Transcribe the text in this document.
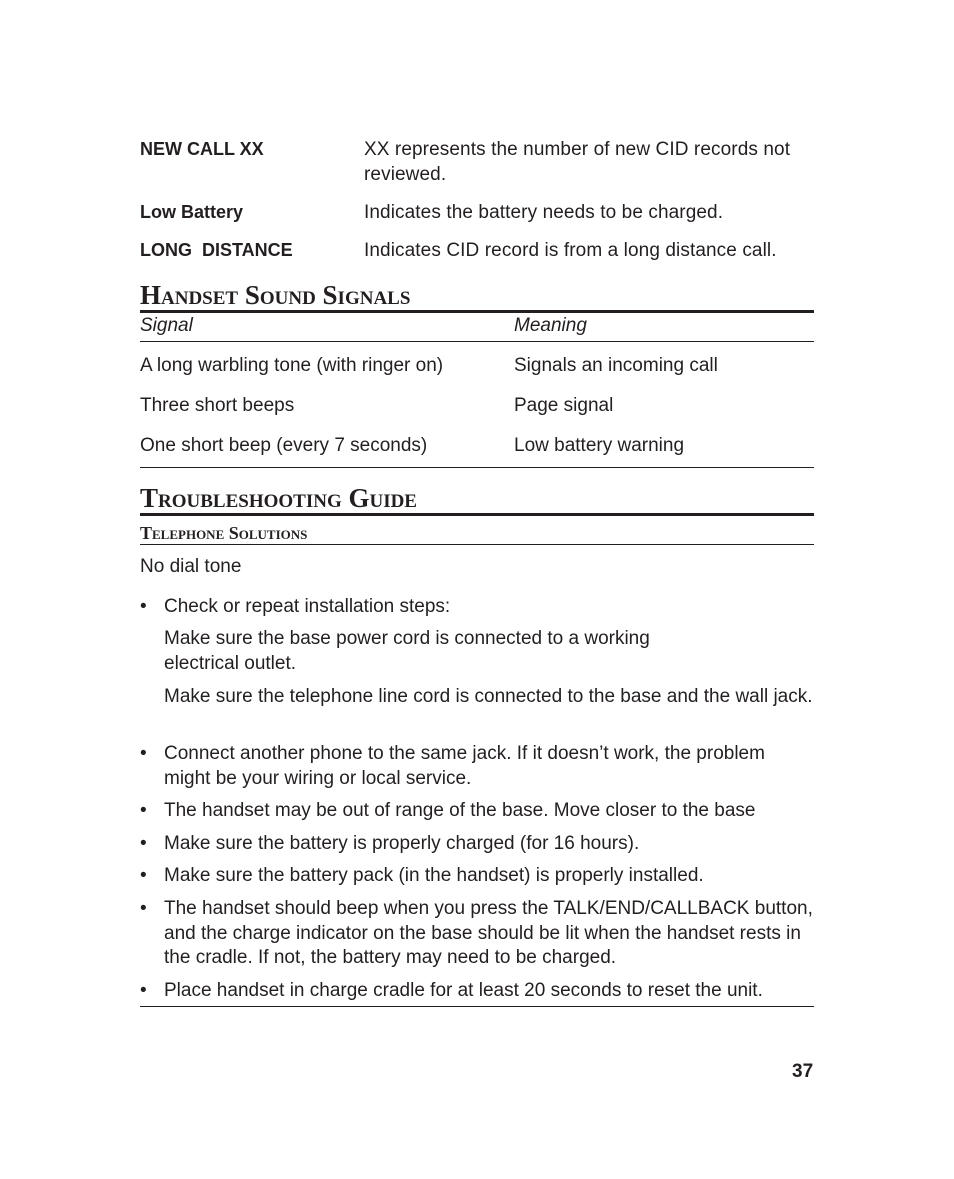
NEW CALL XX	XX represents the number of new CID records not reviewed.
Low Battery	Indicates the battery needs to be charged.
LONG  DISTANCE	Indicates CID record is from a long distance call.
Handset Sound Signals
Signal	Meaning
A long warbling tone (with ringer on)	Signals an incoming call
Three short beeps	Page signal
One short beep (every 7 seconds)	Low battery warning
Troubleshooting Guide
Telephone Solutions
No dial tone
• Check or repeat installation steps:
Make sure the base power cord is connected to a working electrical outlet.
Make sure the telephone line cord is connected to the base and the wall jack.
• Connect another phone to the same jack. If it doesn’t work, the problem might be your wiring or local service.
• The handset may be out of range of the base. Move closer to the base
• Make sure the battery is properly charged (for 16 hours).
• Make sure the battery pack (in the handset) is properly installed.
• The handset should beep when you press the TALK/END/CALLBACK button, and the charge indicator on the base should be lit when the handset rests in the cradle. If not, the battery may need to be charged.
• Place handset in charge cradle for at least 20 seconds to reset the unit.
37
